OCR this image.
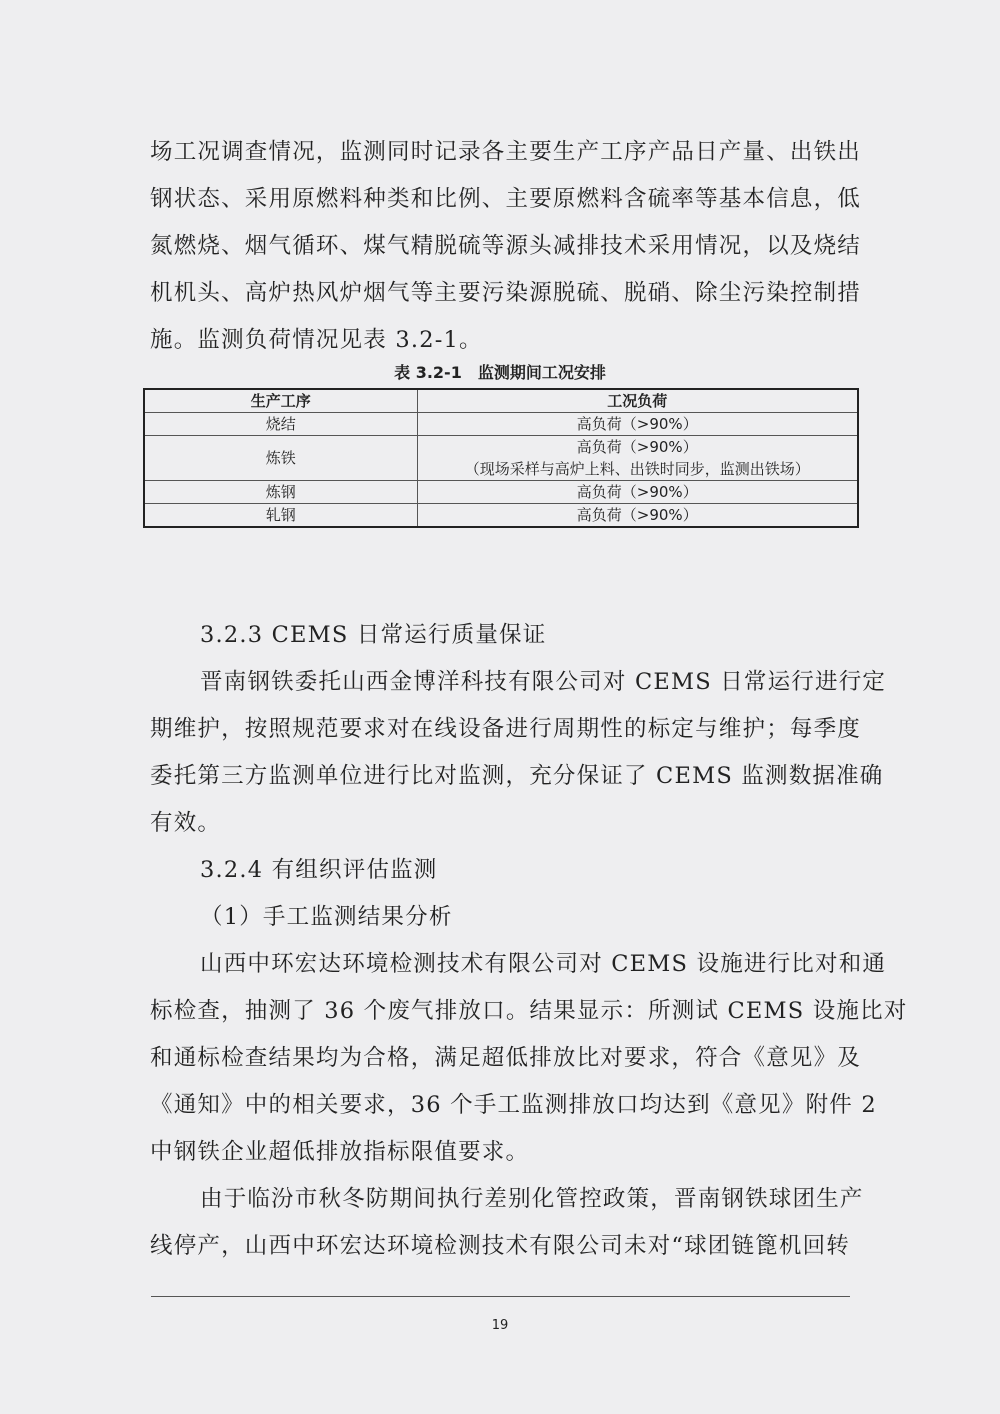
场工况调查情况，监测同时记录各主要生产工序产品日产量、出铁出
钢状态、采用原燃料种类和比例、主要原燃料含硫率等基本信息，低
氮燃烧、烟气循环、煤气精脱硫等源头减排技术采用情况，以及烧结
机机头、高炉热风炉烟气等主要污染源脱硫、脱硝、除尘污染控制措
施。监测负荷情况见表 3.2-1。
表 3.2-1　监测期间工况安排
生产工序	工况负荷
烧结	高负荷（>90%）
炼铁	高负荷（>90%）
（现场采样与高炉上料、出铁时同步，监测出铁场）

炼钢	高负荷（>90%）
轧钢	高负荷（>90%）
3.2.3 CEMS 日常运行质量保证
晋南钢铁委托山西金博洋科技有限公司对 CEMS 日常运行进行定
期维护，按照规范要求对在线设备进行周期性的标定与维护；每季度
委托第三方监测单位进行比对监测，充分保证了 CEMS 监测数据准确
有效。
3.2.4 有组织评估监测
（1）手工监测结果分析
山西中环宏达环境检测技术有限公司对 CEMS 设施进行比对和通
标检查，抽测了 36 个废气排放口。结果显示：所测试 CEMS 设施比对
和通标检查结果均为合格，满足超低排放比对要求，符合《意见》及
《通知》中的相关要求，36 个手工监测排放口均达到《意见》附件 2
中钢铁企业超低排放指标限值要求。
由于临汾市秋冬防期间执行差别化管控政策，晋南钢铁球团生产
线停产，山西中环宏达环境检测技术有限公司未对“球团链篦机回转
19
